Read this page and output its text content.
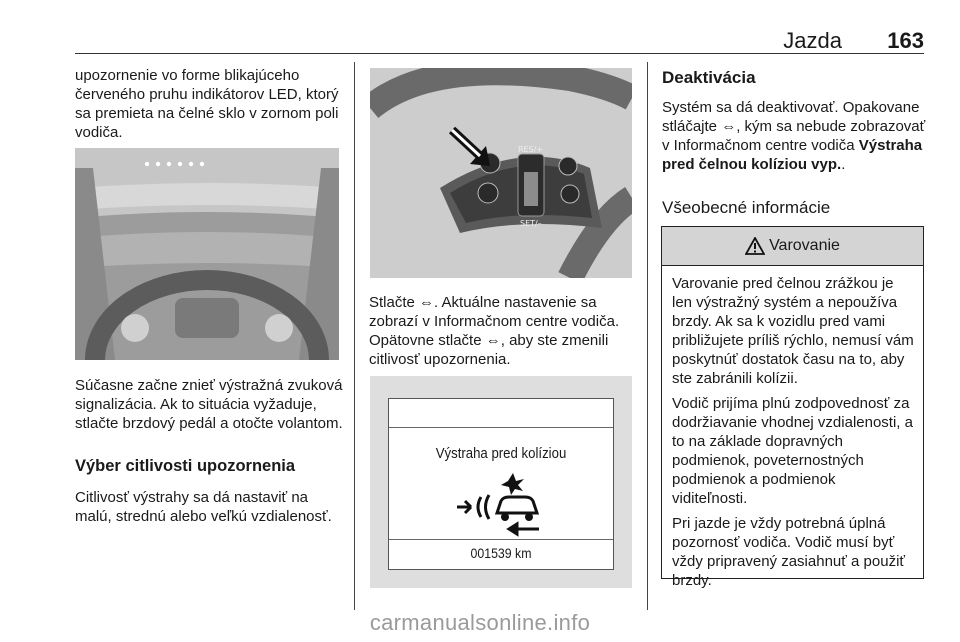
Jazda 163

upozornenie vo forme blikajúceho červeného pruhu indikátorov LED, ktorý sa premieta na čelné sklo v zornom poli vodiča.

Súčasne začne znieť výstražná zvuková signalizácia. Ak to situácia vyžaduje, stlačte brzdový pedál a otočte volantom.

Výber citlivosti upozornenia

Citlivosť výstrahy sa dá nastaviť na malú, strednú alebo veľkú vzdialenosť.

RES/+
SET/–

Stlačte ⇔. Aktuálne nastavenie sa zobrazí v Informačnom centre vodiča. Opätovne stlačte ⇔, aby ste zmenili citlivosť upozornenia.

Výstraha pred kolíziou
001539 km
Deaktivácia

Systém sa dá deaktivovať. Opakovane stláčajte ⇔, kým sa nebude zobrazovať v Informačnom centre vodiča Výstraha pred čelnou kolíziou vyp..

Všeobecné informácie
Varovanie

Varovanie pred čelnou zrážkou je len výstražný systém a nepoužíva brzdy. Ak sa k vozidlu pred vami približujete príliš rýchlo, nemusí vám poskytnúť dostatok času na to, aby ste zabránili kolízii.

Vodič prijíma plnú zodpovednosť za dodržiavanie vhodnej vzdialenosti, a to na základe dopravných podmienok, poveternostných podmienok a podmienok viditeľnosti.

Pri jazde je vždy potrebná úplná pozornosť vodiča. Vodič musí byť vždy pripravený zasiahnuť a použiť brzdy.

carmanualsonline.info
